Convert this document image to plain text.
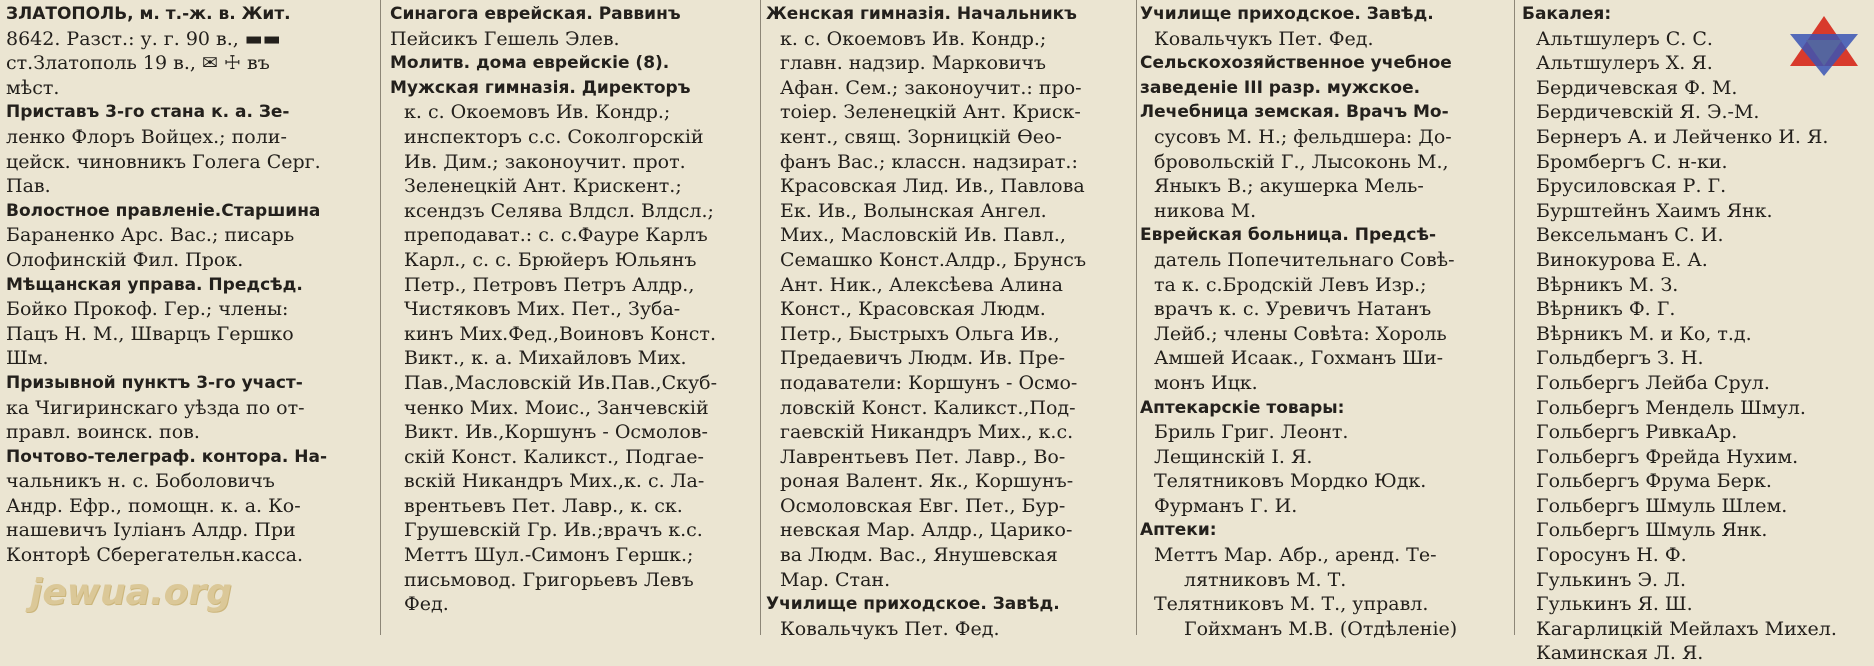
ЗЛАТОПОЛЬ, м. т.-ж. в. Жит.
8642. Разст.: у. г. 90 в., ▬▬
ст.Златополь 19 в., ✉ ☩ въ
мѣст.
Приставъ 3-го стана к. а. Зе-
ленко Флоръ Войцех.; поли-
цейск. чиновникъ Голега Серг.
Пав.
Волостное правленіе.Старшина
Бараненко Арс. Вас.; писарь
Олофинскій Фил. Прок.
Мѣщанская управа. Предсѣд.
Бойко Прокоф. Гер.; члены:
Пацъ Н. М., Шварцъ Гершко
Шм.
Призывной пунктъ 3-го участ-
ка Чигиринскаго уѣзда по от-
правл. воинск. пов.
Почтово-телеграф. контора. На-
чальникъ н. с. Боболовичъ
Андр. Ефр., помощн. к. а. Ко-
нашевичъ Іуліанъ Алдр. При
Конторѣ Сберегательн.касса.
Синагога еврейская. Раввинъ
Пейсикъ Гешель Элев.
Молитв. дома еврейскіе (8).
Мужская гимназія. Директоръ
к. с. Окоемовъ Ив. Кондр.;
инспекторъ с.с. Соколгорскій
Ив. Дим.; законоучит. прот.
Зеленецкій Ант. Крискент.;
ксендзъ Селява Влдсл. Влдсл.;
преподават.: с. с.Фауре Карлъ
Карл., с. с. Брюйеръ Юльянъ
Петр., Петровъ Петръ Алдр.,
Чистяковъ Мих. Пет., Зуба-
кинъ Мих.Фед.,Воиновъ Конст.
Викт., к. а. Михайловъ Мих.
Пав.,Масловскій Ив.Пав.,Скуб-
ченко Мих. Моис., Занчевскій
Викт. Ив.,Коршунъ - Осмолов-
скій Конст. Каликст., Подгае-
вскій Никандръ Мих.,к. с. Ла-
врентьевъ Пет. Лавр., к. ск.
Грушевскій Гр. Ив.;врачъ к.с.
Меттъ Шул.-Симонъ Гершк.;
письмовод. Григорьевъ Левъ
Фед.
Женская гимназія. Начальникъ
к. с. Окоемовъ Ив. Кондр.;
главн. надзир. Марковичъ
Афан. Сем.; законоучит.: про-
тоіер. Зеленецкій Ант. Криск-
кент., свящ. Зорницкій Ѳео-
фанъ Вас.; классн. надзират.:
Красовская Лид. Ив., Павлова
Ек. Ив., Волынская Ангел.
Мих., Масловскій Ив. Павл.,
Семашко Конст.Алдр., Брунсъ
Ант. Ник., Алексѣева Алина
Конст., Красовская Людм.
Петр., Быстрыхъ Ольга Ив.,
Предаевичъ Людм. Ив. Пре-
подаватели: Коршунъ - Осмо-
ловскій Конст. Каликст.,Под-
гаевскій Никандръ Мих., к.с.
Лаврентьевъ Пет. Лавр., Во-
роная Валент. Як., Коршунъ-
Осмоловская Евг. Пет., Бур-
невская Мар. Алдр., Царико-
ва Людм. Вас., Янушевская
Мар. Стан.
Училище приходское. Завѣд.
Ковальчукъ Пет. Фед.
Училище приходское. Завѣд.
Ковальчукъ Пет. Фед.
Сельскохозяйственное учебное
заведеніе III разр. мужское.
Лечебница земская. Врачъ Мо-
сусовъ М. Н.; фельдшера: До-
бровольскій Г., Лысоконь М.,
Яныкъ В.; акушерка Мель-
никова М.
Еврейская больница. Предсѣ-
датель Попечительнаго Совѣ-
та к. с.Бродскій Левъ Изр.;
врачъ к. с. Уревичъ Натанъ
Лейб.; члены Совѣта: Хороль
Амшей Исаак., Гохманъ Ши-
монъ Ицк.
Аптекарскіе товары:
Бриль Григ. Леонт.
Лещинскій І. Я.
Телятниковъ Мордко Юдк.
Фурманъ Г. И.
Аптеки:
Меттъ Мар. Абр., аренд. Те-
лятниковъ М. Т.
Телятниковъ М. Т., управл.
Гойхманъ М.В. (Отдѣленіе)
Бакалея:
Альтшулеръ С. С.
Альтшулеръ Х. Я.
Бердичевская Ф. М.
Бердичевскій Я. Э.-М.
Бернеръ А. и Лейченко И. Я.
Бромбергъ С. н-ки.
Брусиловская Р. Г.
Бурштейнъ Хаимъ Янк.
Вексельманъ С. И.
Винокурова Е. А.
Вѣрникъ М. З.
Вѣрникъ Ф. Г.
Вѣрникъ М. и Ко, т.д.
Гольдбергъ З. Н.
Гольбергъ Лейба Срул.
Гольбергъ Мендель Шмул.
Гольбергъ РивкаАр.
Гольбергъ Фрейда Нухим.
Гольбергъ Фрума Берк.
Гольбергъ Шмуль Шлем.
Гольбергъ Шмуль Янк.
Горосунъ Н. Ф.
Гулькинъ Э. Л.
Гулькинъ Я. Ш.
Кагарлицкій Мейлахъ Михел.
Каминская Л. Я.
jewua.org
